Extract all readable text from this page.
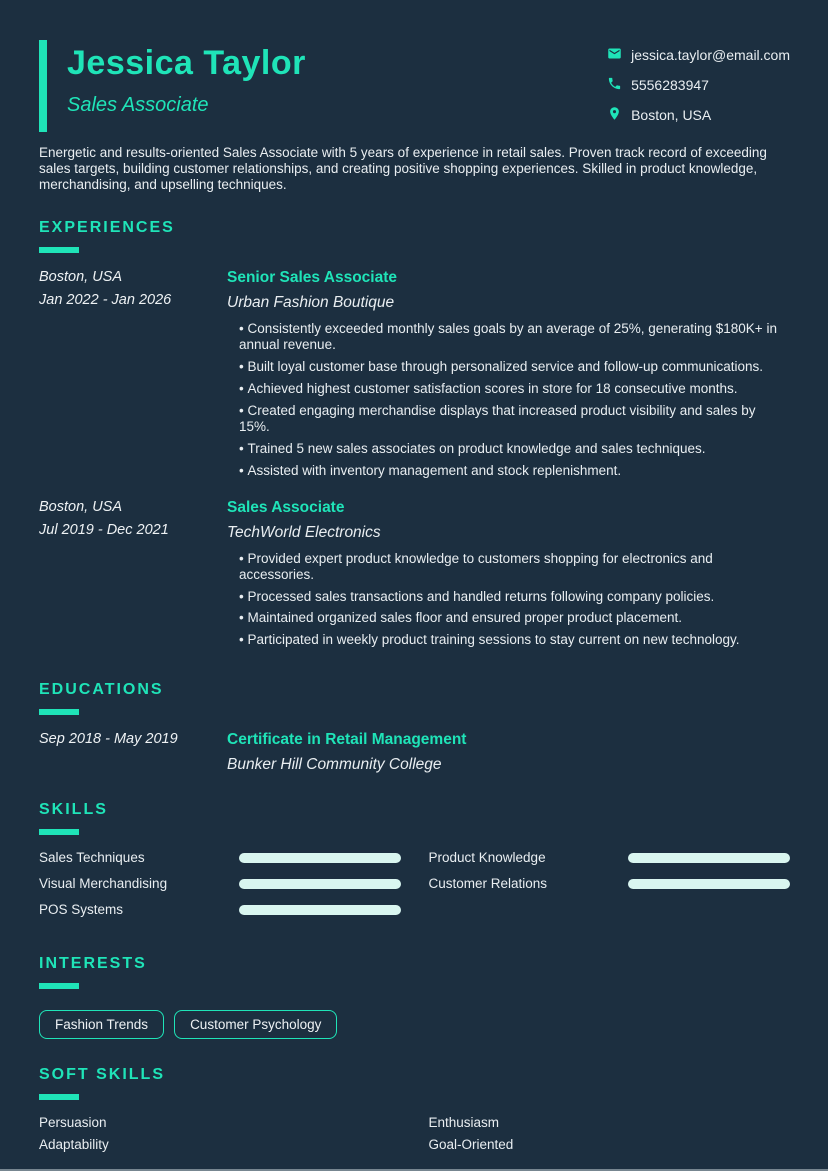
Jessica Taylor
Sales Associate
jessica.taylor@email.com
5556283947
Boston, USA

Energetic and results-oriented Sales Associate with 5 years of experience in retail sales. Proven track record of exceeding sales targets, building customer relationships, and creating positive shopping experiences. Skilled in product knowledge, merchandising, and upselling techniques.

EXPERIENCES
Boston, USA
Jan 2022 - Jan 2026
Senior Sales Associate
Urban Fashion Boutique
• Consistently exceeded monthly sales goals by an average of 25%, generating $180K+ in annual revenue.
• Built loyal customer base through personalized service and follow-up communications.
• Achieved highest customer satisfaction scores in store for 18 consecutive months.
• Created engaging merchandise displays that increased product visibility and sales by 15%.
• Trained 5 new sales associates on product knowledge and sales techniques.
• Assisted with inventory management and stock replenishment.
Boston, USA
Jul 2019 - Dec 2021
Sales Associate
TechWorld Electronics
• Provided expert product knowledge to customers shopping for electronics and accessories.
• Processed sales transactions and handled returns following company policies.
• Maintained organized sales floor and ensured proper product placement.
• Participated in weekly product training sessions to stay current on new technology.
EDUCATIONS
Sep 2018 - May 2019	Certificate in Retail Management
Bunker Hill Community College
SKILLS
Sales Techniques
Visual Merchandising
POS Systems
Product Knowledge
Customer Relations
INTERESTS
Fashion Trends	Customer Psychology
SOFT SKILLS
Persuasion
Adaptability
Enthusiasm
Goal-Oriented
